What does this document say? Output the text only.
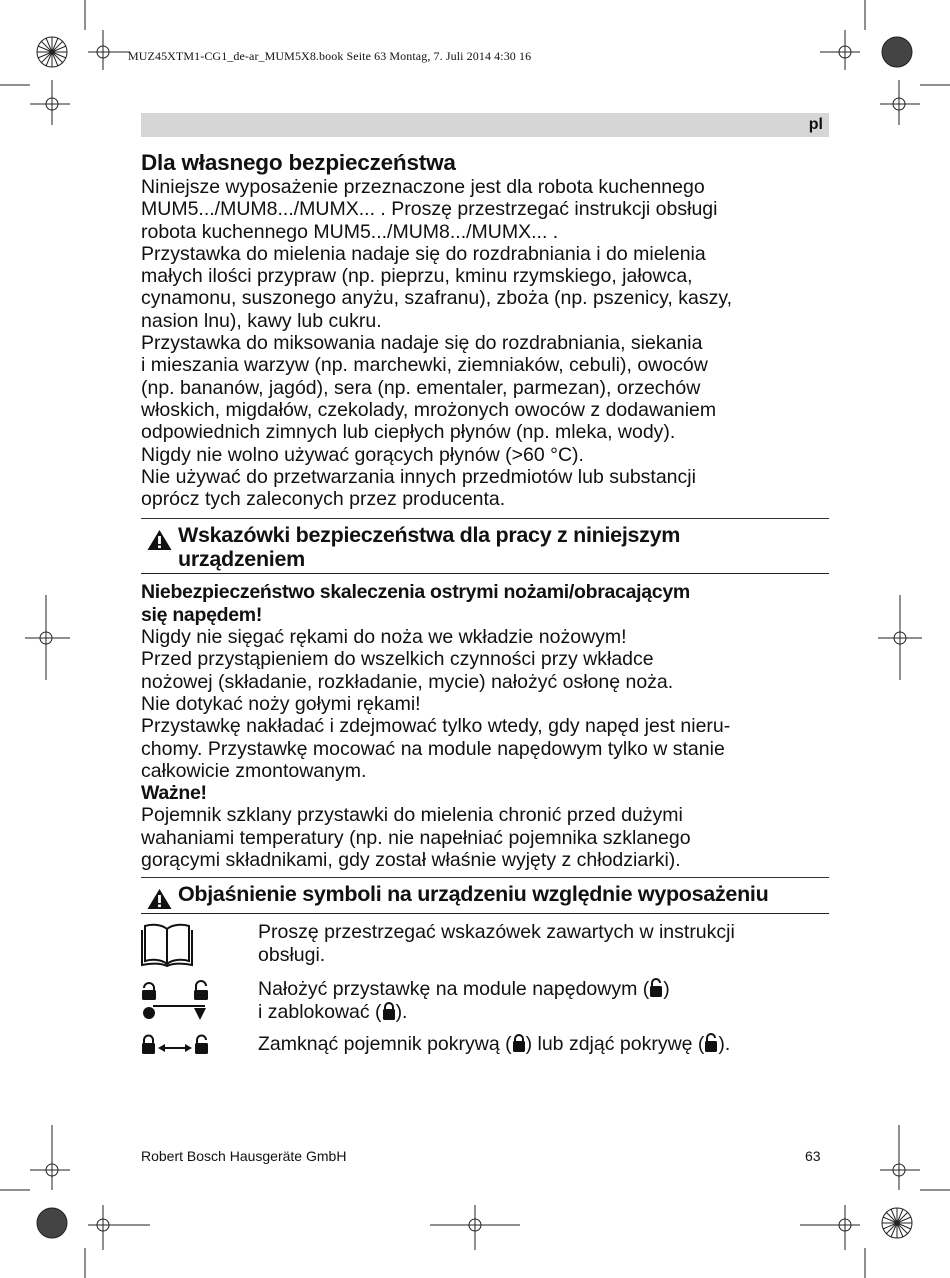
MUZ45XTM1-CG1_de-ar_MUM5X8.book Seite 63 Montag, 7. Juli 2014 4:30 16
pl
Dla własnego bezpieczeństwa

Niniejsze wyposażenie przeznaczone jest dla robota kuchennego

MUM5.../MUM8.../MUMX... . Proszę przestrzegać instrukcji obsługi

robota kuchennego MUM5.../MUM8.../MUMX... .

Przystawka do mielenia nadaje się do rozdrabniania i do mielenia

małych ilości przypraw (np. pieprzu, kminu rzymskiego, jałowca,

cynamonu, suszonego anyżu, szafranu), zboża (np. pszenicy, kaszy,

nasion lnu), kawy lub cukru.

Przystawka do miksowania nadaje się do rozdrabniania, siekania

i mieszania warzyw (np. marchewki, ziemniaków, cebuli), owoców

(np. bananów, jagód), sera (np. ementaler, parmezan), orzechów

włoskich, migdałów, czekolady, mrożonych owoców z dodawaniem

odpowiednich zimnych lub ciepłych płynów (np. mleka, wody).

Nigdy nie wolno używać gorących płynów (>60 °C).

Nie używać do przetwarzania innych przedmiotów lub substancji

oprócz tych zaleconych przez producenta.

Wskazówki bezpieczeństwa dla pracy z niniejszym
urządzeniem

Niebezpieczeństwo skaleczenia ostrymi nożami/obracającym

się napędem!

Nigdy nie sięgać rękami do noża we wkładzie nożowym!

Przed przystąpieniem do wszelkich czynności przy wkładce

nożowej (składanie, rozkładanie, mycie) nałożyć osłonę noża.

Nie dotykać noży gołymi rękami!

Przystawkę nakładać i zdejmować tylko wtedy, gdy napęd jest nieru-

chomy. Przystawkę mocować na module napędowym tylko w stanie

całkowicie zmontowanym.

Ważne!

Pojemnik szklany przystawki do mielenia chronić przed dużymi

wahaniami temperatury (np. nie napełniać pojemnika szklanego

gorącymi składnikami, gdy został właśnie wyjęty z chłodziarki).

Objaśnienie symboli na urządzeniu względnie wyposażeniu
Proszę przestrzegać wskazówek zawartych w instrukcji
obsługi.
Nałożyć przystawkę na module napędowym ( )
i zablokować ( ).
Zamknąć pojemnik pokrywą ( ) lub zdjąć pokrywę ( ).
Robert Bosch Hausgeräte GmbH	63
